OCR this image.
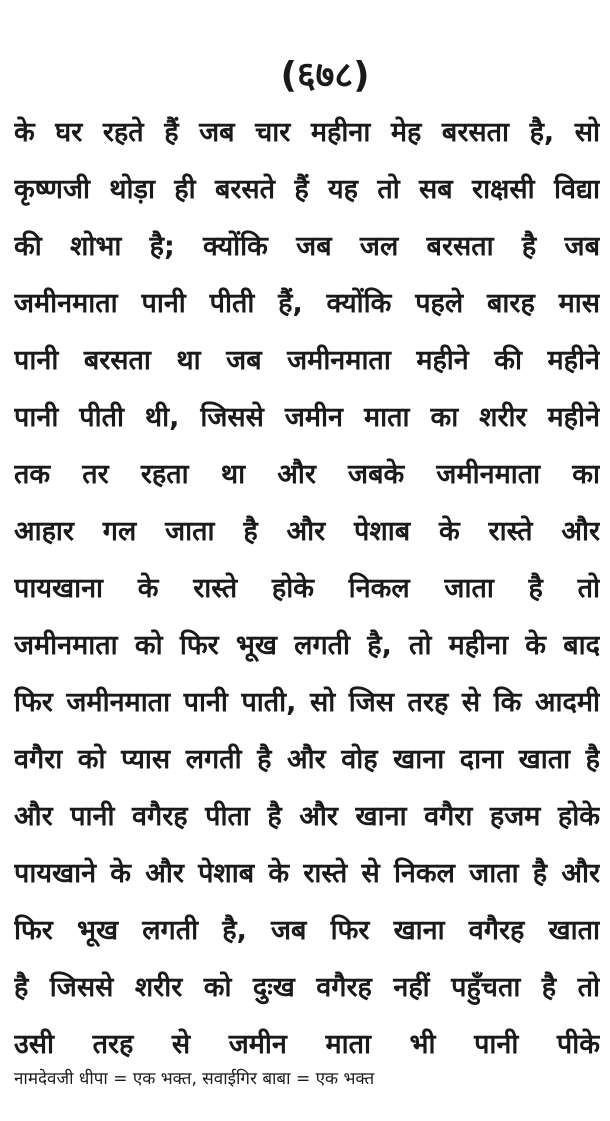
(६७८)
के घर रहते हैं जब चार महीना मेह बरसता है, सो
कृष्णजी थोड़ा ही बरसते हैं यह तो सब राक्षसी विद्या
की शोभा है; क्योंकि जब जल बरसता है जब
जमीनमाता पानी पीती हैं, क्योंकि पहले बारह मास
पानी बरसता था जब जमीनमाता महीने की महीने
पानी पीती थी, जिससे जमीन माता का शरीर महीने
तक तर रहता था और जबके जमीनमाता का
आहार गल जाता है और पेशाब के रास्ते और
पायखाना के रास्ते होके निकल जाता है तो
जमीनमाता को फिर भूख लगती है, तो महीना के बाद
फिर जमीनमाता पानी पाती, सो जिस तरह से कि आदमी
वगैरा को प्यास लगती है और वोह खाना दाना खाता है
और पानी वगैरह पीता है और खाना वगैरा हजम होके
पायखाने के और पेशाब के रास्ते से निकल जाता है और
फिर भूख लगती है, जब फिर खाना वगैरह खाता
है जिससे शरीर को दुःख वगैरह नहीं पहुँचता है तो
उसी तरह से जमीन माता भी पानी पीके
नामदेवजी धीपा = एक भक्त, सवाईगिर बाबा = एक भक्त
